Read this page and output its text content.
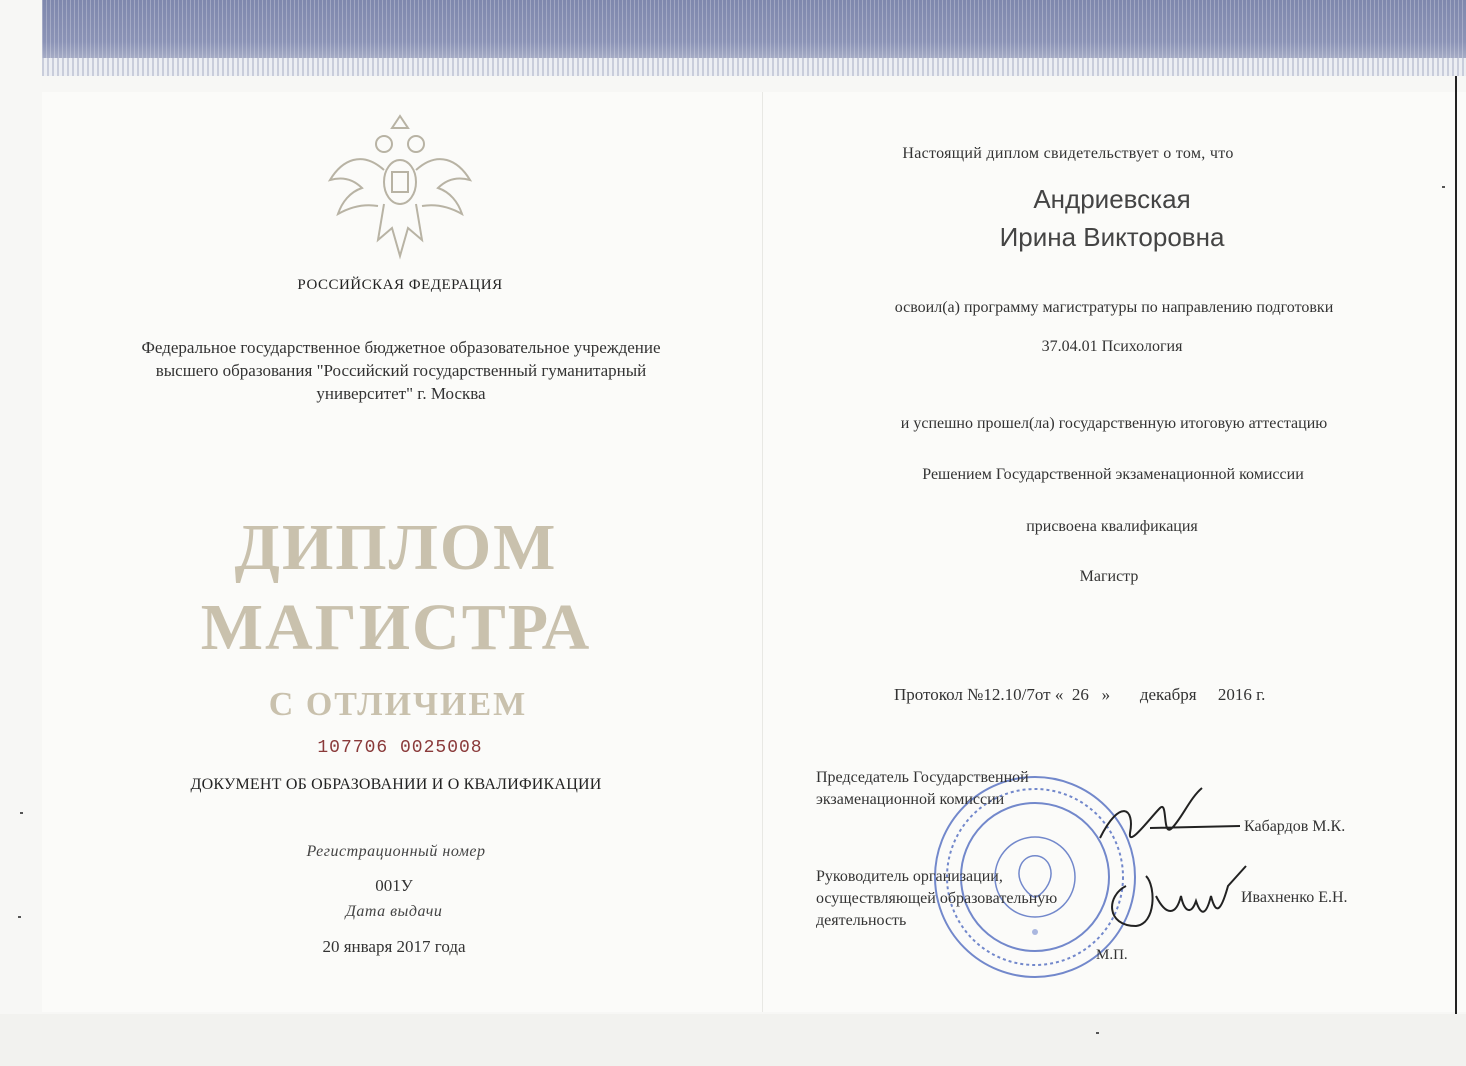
РОССИЙСКАЯ ФЕДЕРАЦИЯ
Федеральное государственное бюджетное образовательное учреждение высшего образования "Российский государственный гуманитарный университет" г. Москва
ДИПЛОМ
МАГИСТРА
С ОТЛИЧИЕМ
107706 0025008
ДОКУМЕНТ ОБ ОБРАЗОВАНИИ И О КВАЛИФИКАЦИИ
Регистрационный номер
001У
Дата выдачи
20 января 2017 года
Настоящий диплом свидетельствует о том, что
Андриевская
Ирина Викторовна
освоил(а) программу магистратуры по направлению подготовки
37.04.01 Психология
и успешно прошел(ла) государственную итоговую аттестацию
Решением Государственной экзаменационной комиссии
присвоена квалификация
Магистр
Протокол №12.10/7от « 26 » декабря 2016 г.
Председатель Государственной экзаменационной комиссии
Кабардов М.К.
Руководитель организации, осуществляющей образовательную деятельность
Ивахненко Е.Н.
М.П.
